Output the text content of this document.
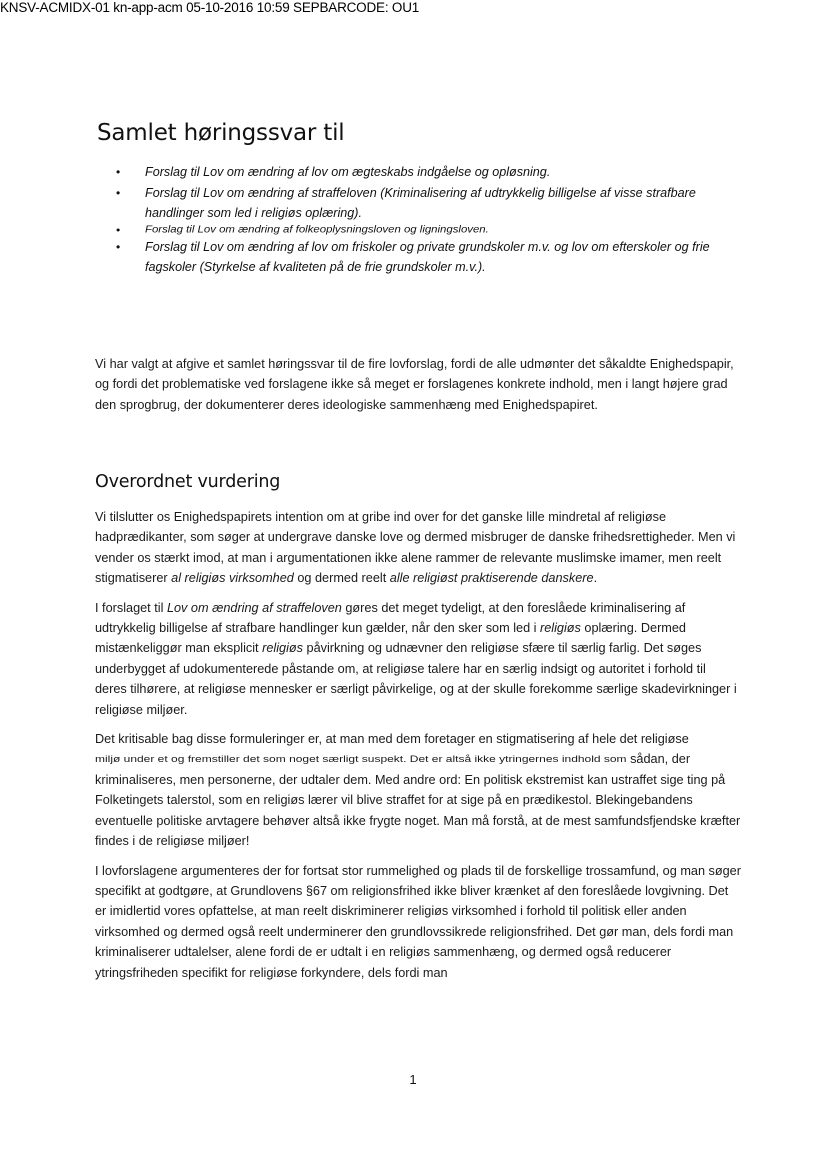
KNSV-ACMIDX-01 kn-app-acm 05-10-2016 10:59 SEPBARCODE: OU1
Samlet høringssvar til
• Forslag til Lov om ændring af lov om ægteskabs indgåelse og opløsning.
• Forslag til Lov om ændring af straffeloven (Kriminalisering af udtrykkelig billigelse af visse strafbare handlinger som led i religiøs oplæring).
• Forslag til Lov om ændring af folkeoplysningsloven og ligningsloven.
• Forslag til Lov om ændring af lov om friskoler og private grundskoler m.v. og lov om efterskoler og frie fagskoler (Styrkelse af kvaliteten på de frie grundskoler m.v.).

Vi har valgt at afgive et samlet høringssvar til de fire lovforslag, fordi de alle udmønter det såkaldte Enighedspapir, og fordi det problematiske ved forslagene ikke så meget er forslagenes konkrete indhold, men i langt højere grad den sprogbrug, der dokumenterer deres ideologiske sammenhæng med Enighedspapiret.

Overordnet vurdering

Vi tilslutter os Enighedspapirets intention om at gribe ind over for det ganske lille mindretal af religiøse hadprædikanter, som søger at undergrave danske love og dermed misbruger de danske frihedsrettigheder. Men vi vender os stærkt imod, at man i argumentationen ikke alene rammer de relevante muslimske imamer, men reelt stigmatiserer al religiøs virksomhed og dermed reelt alle religiøst praktiserende danskere.

I forslaget til Lov om ændring af straffeloven gøres det meget tydeligt, at den foreslåede kriminalisering af udtrykkelig billigelse af strafbare handlinger kun gælder, når den sker som led i religiøs oplæring. Dermed mistænkeliggør man eksplicit religiøs påvirkning og udnævner den religiøse sfære til særlig farlig. Det søges underbygget af udokumenterede påstande om, at religiøse talere har en særlig indsigt og autoritet i forhold til deres tilhørere, at religiøse mennesker er særligt påvirkelige, og at der skulle forekomme særlige skadevirkninger i religiøse miljøer.

Det kritisable bag disse formuleringer er, at man med dem foretager en stigmatisering af hele det religiøse miljø under et og fremstiller det som noget særligt suspekt. Det er altså ikke ytringernes indhold som sådan, der kriminaliseres, men personerne, der udtaler dem. Med andre ord: En politisk ekstremist kan ustraffet sige ting på Folketingets talerstol, som en religiøs lærer vil blive straffet for at sige på en prædikestol. Blekingebandens eventuelle politiske arvtagere behøver altså ikke frygte noget. Man må forstå, at de mest samfundsfjendske kræfter findes i de religiøse miljøer!

I lovforslagene argumenteres der for fortsat stor rummelighed og plads til de forskellige trossamfund, og man søger specifikt at godtgøre, at Grundlovens §67 om religionsfrihed ikke bliver krænket af den foreslåede lovgivning. Det er imidlertid vores opfattelse, at man reelt diskriminerer religiøs virksomhed i forhold til politisk eller anden virksomhed og dermed også reelt underminerer den grundlovssikrede religionsfrihed. Det gør man, dels fordi man kriminaliserer udtalelser, alene fordi de er udtalt i en religiøs sammenhæng, og dermed også reducerer ytringsfriheden specifikt for religiøse forkyndere, dels fordi man

1
